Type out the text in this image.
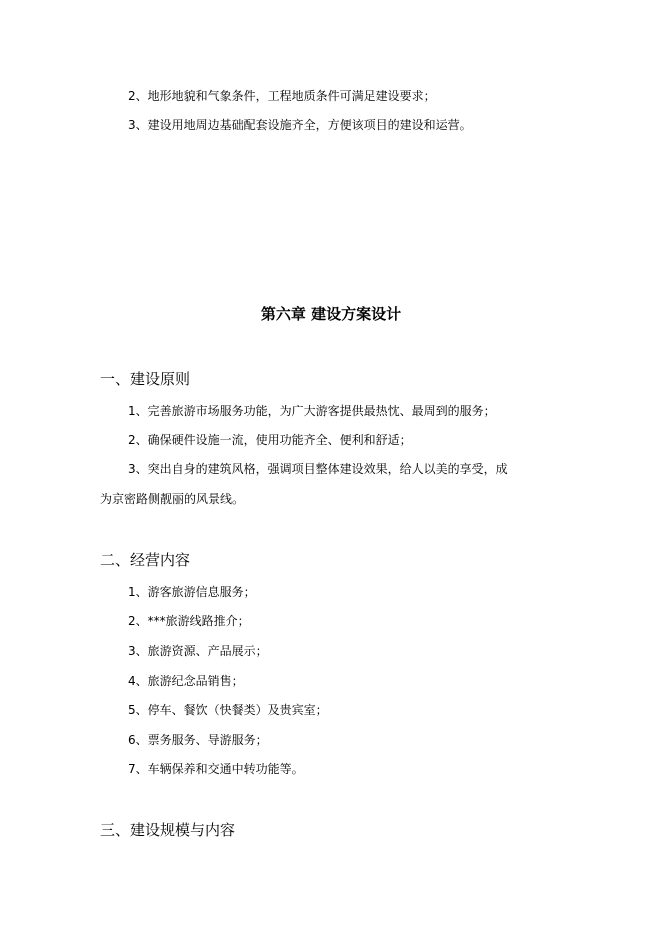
2、地形地貌和气象条件，工程地质条件可满足建设要求；
3、建设用地周边基础配套设施齐全，方便该项目的建设和运营。
第六章 建设方案设计
一、建设原则
1、完善旅游市场服务功能，为广大游客提供最热忱、最周到的服务；
2、确保硬件设施一流，使用功能齐全、便利和舒适；
3、突出自身的建筑风格，强调项目整体建设效果，给人以美的享受，成
为京密路侧靓丽的风景线。
二、经营内容
1、游客旅游信息服务；
2、***旅游线路推介；
3、旅游资源、产品展示；
4、旅游纪念品销售；
5、停车、餐饮（快餐类）及贵宾室；
6、票务服务、导游服务；
7、车辆保养和交通中转功能等。
三、建设规模与内容
